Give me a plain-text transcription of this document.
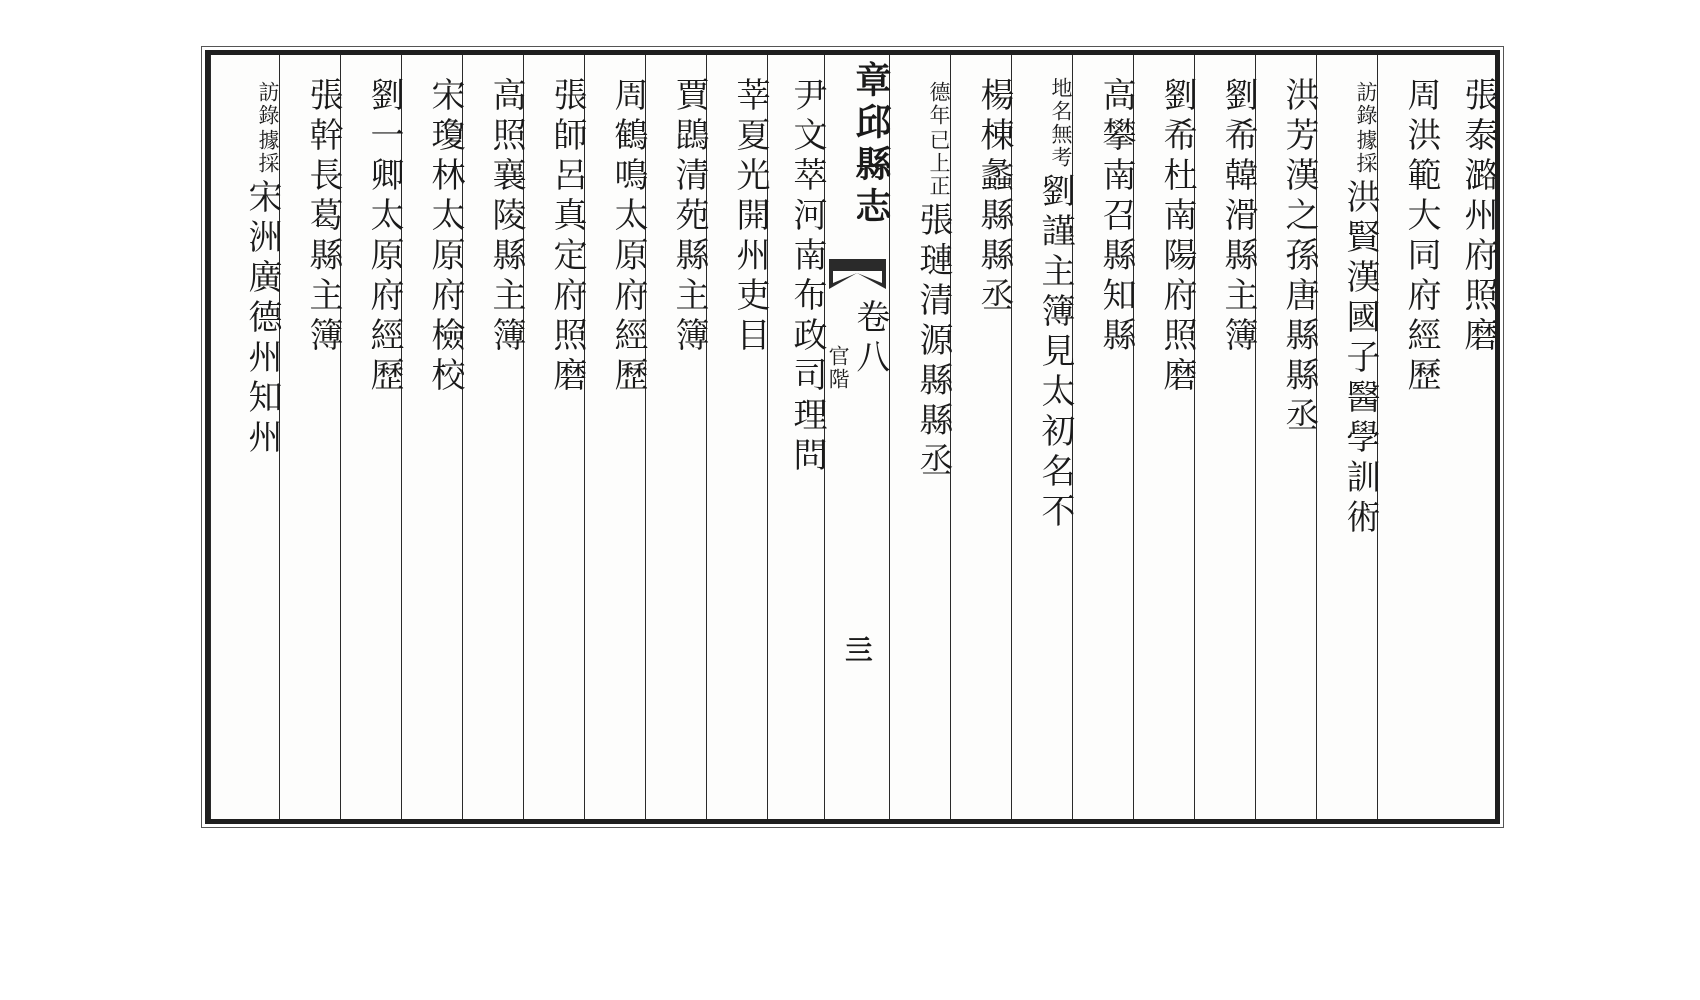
張泰潞州府照磨
周洪範大同府經歷
洪賢漢國子醫學訓術
據採
訪錄
洪芳漢之孫唐縣縣丞
劉希韓滑縣主簿
劉希杜南陽府照磨
高攀南召縣知縣
劉謹主簿見太初名不
地名無考
楊棟蠡縣縣丞
張璉清源縣縣丞
已上正
德年
章邱縣志
卷八
官階
亖
尹文萃河南布政司理問
莘夏光開州吏目
賈鵾清苑縣主簿
周鶴鳴太原府經歷
張師呂真定府照磨
高照襄陵縣主簿
宋瓊林太原府檢校
劉一卿太原府經歷
張幹長葛縣主簿
宋洲廣德州知州
據採
訪錄
